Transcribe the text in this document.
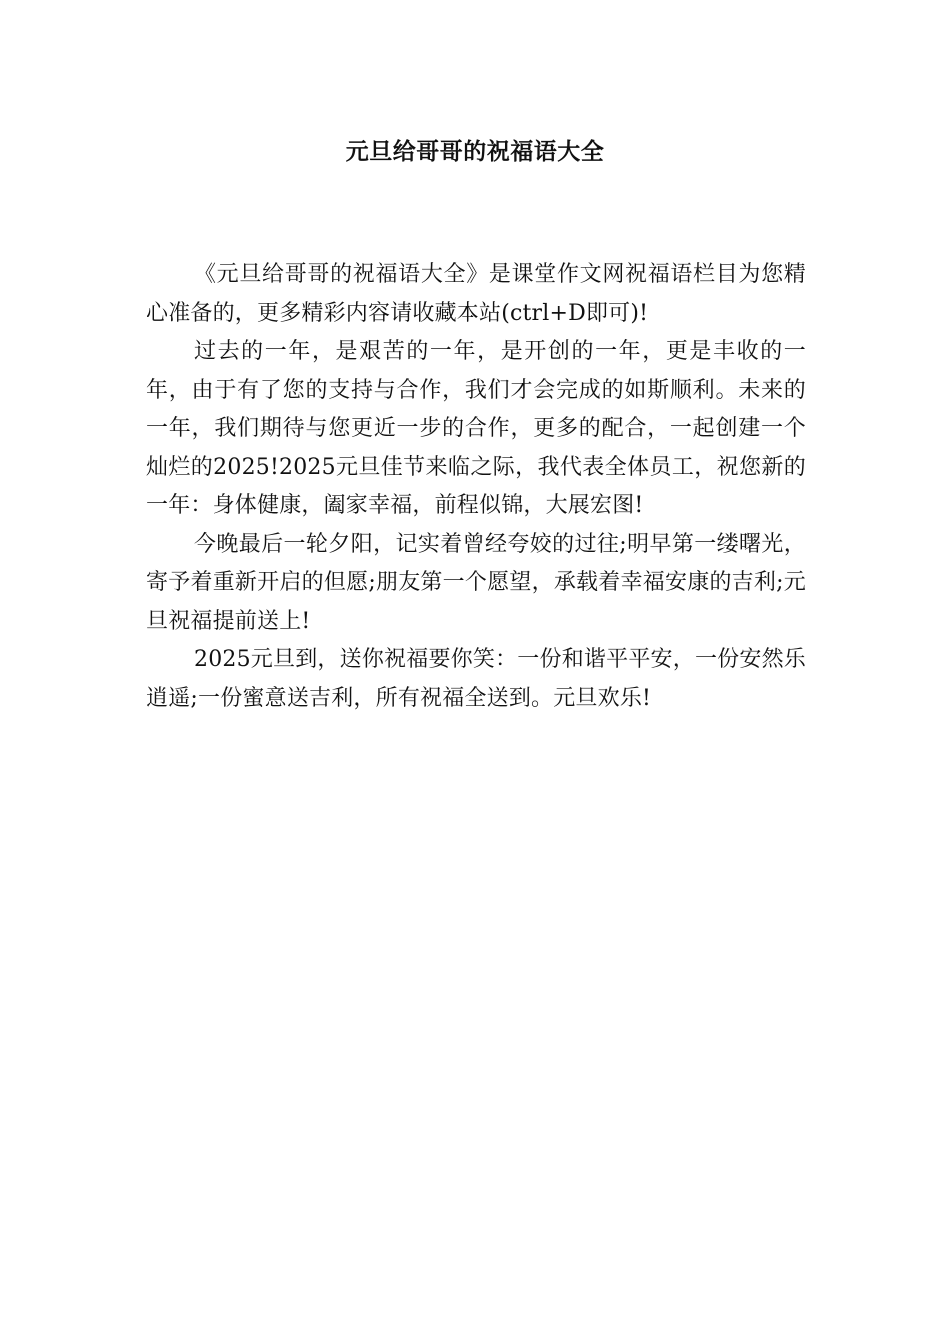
元旦给哥哥的祝福语大全

《元旦给哥哥的祝福语大全》是课堂作文网祝福语栏目为您精心准备的，更多精彩内容请收藏本站(ctrl+D即可)!

过去的一年，是艰苦的一年，是开创的一年，更是丰收的一年，由于有了您的支持与合作，我们才会完成的如斯顺利。未来的一年，我们期待与您更近一步的合作，更多的配合，一起创建一个灿烂的2025!2025元旦佳节来临之际，我代表全体员工，祝您新的一年：身体健康，阖家幸福，前程似锦，大展宏图!

今晚最后一轮夕阳，记实着曾经夸姣的过往;明早第一缕曙光，寄予着重新开启的但愿;朋友第一个愿望，承载着幸福安康的吉利;元旦祝福提前送上!

2025元旦到，送你祝福要你笑：一份和谐平平安，一份安然乐逍遥;一份蜜意送吉利，所有祝福全送到。元旦欢乐!
